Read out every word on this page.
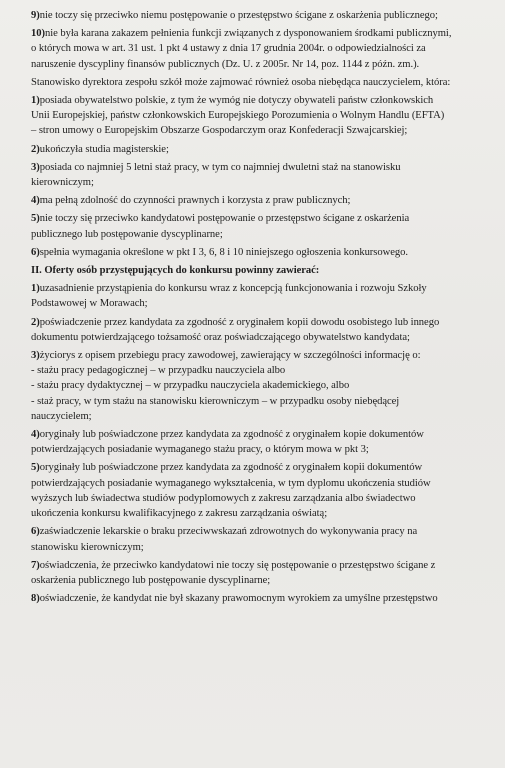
9)nie toczy się przeciwko niemu postępowanie o przestępstwo ścigane z oskarżenia publicznego;
10)nie była karana zakazem pełnienia funkcji związanych z dysponowaniem środkami publicznymi,
o których mowa w art. 31 ust. 1 pkt 4 ustawy z dnia 17 grudnia 2004r. o odpowiedzialności za
naruszenie dyscypliny finansów publicznych (Dz. U. z 2005r. Nr 14, poz. 1144 z późn. zm.).
Stanowisko dyrektora zespołu szkół może zajmować również osoba niebędąca nauczycielem, która:
1)posiada obywatelstwo polskie, z tym że wymóg nie dotyczy obywateli państw członkowskich
Unii Europejskiej, państw członkowskich Europejskiego Porozumienia o Wolnym Handlu (EFTA)
– stron umowy o Europejskim Obszarze Gospodarczym oraz Konfederacji Szwajcarskiej;
2)ukończyła studia magisterskie;
3)posiada co najmniej 5 letni staż pracy, w tym co najmniej dwuletni staż na stanowisku
kierowniczym;
4)ma pełną zdolność do czynności prawnych i korzysta z praw publicznych;
5)nie toczy się przeciwko kandydatowi postępowanie o przestępstwo ścigane z oskarżenia
publicznego lub postępowanie dyscyplinarne;
6)spełnia wymagania określone w pkt I 3, 6, 8 i 10 niniejszego ogłoszenia konkursowego.
II. Oferty osób przystępujących do konkursu powinny zawierać:
1)uzasadnienie przystąpienia do konkursu wraz z koncepcją funkcjonowania i rozwoju Szkoły
Podstawowej w Morawach;
2)poświadczenie przez kandydata za zgodność z oryginałem kopii dowodu osobistego lub innego
dokumentu potwierdzającego tożsamość oraz poświadczającego obywatelstwo kandydata;
3)życiorys z opisem przebiegu pracy zawodowej, zawierający w szczególności informację o:
- stażu pracy pedagogicznej – w przypadku nauczyciela albo
- stażu pracy dydaktycznej – w przypadku nauczyciela akademickiego, albo
- staż pracy, w tym stażu na stanowisku kierowniczym – w przypadku osoby niebędącej
nauczycielem;
4)oryginały lub poświadczone przez kandydata za zgodność z oryginałem kopie dokumentów
potwierdzających posiadanie wymaganego stażu pracy, o którym mowa w pkt 3;
5)oryginały lub poświadczone przez kandydata za zgodność z oryginałem kopii dokumentów
potwierdzających posiadanie wymaganego wykształcenia, w tym dyplomu ukończenia studiów
wyższych lub świadectwa studiów podyplomowych z zakresu zarządzania albo świadectwo
ukończenia konkursu kwalifikacyjnego z zakresu zarządzania oświatą;
6)zaświadczenie lekarskie o braku przeciwwskazań zdrowotnych do wykonywania pracy na
stanowisku kierowniczym;
7)oświadczenia, że przeciwko kandydatowi nie toczy się postępowanie o przestępstwo ścigane z
oskarżenia publicznego lub postępowanie dyscyplinarne;
8)oświadczenie, że kandydat nie był skazany prawomocnym wyrokiem za umyślne przestępstwo
